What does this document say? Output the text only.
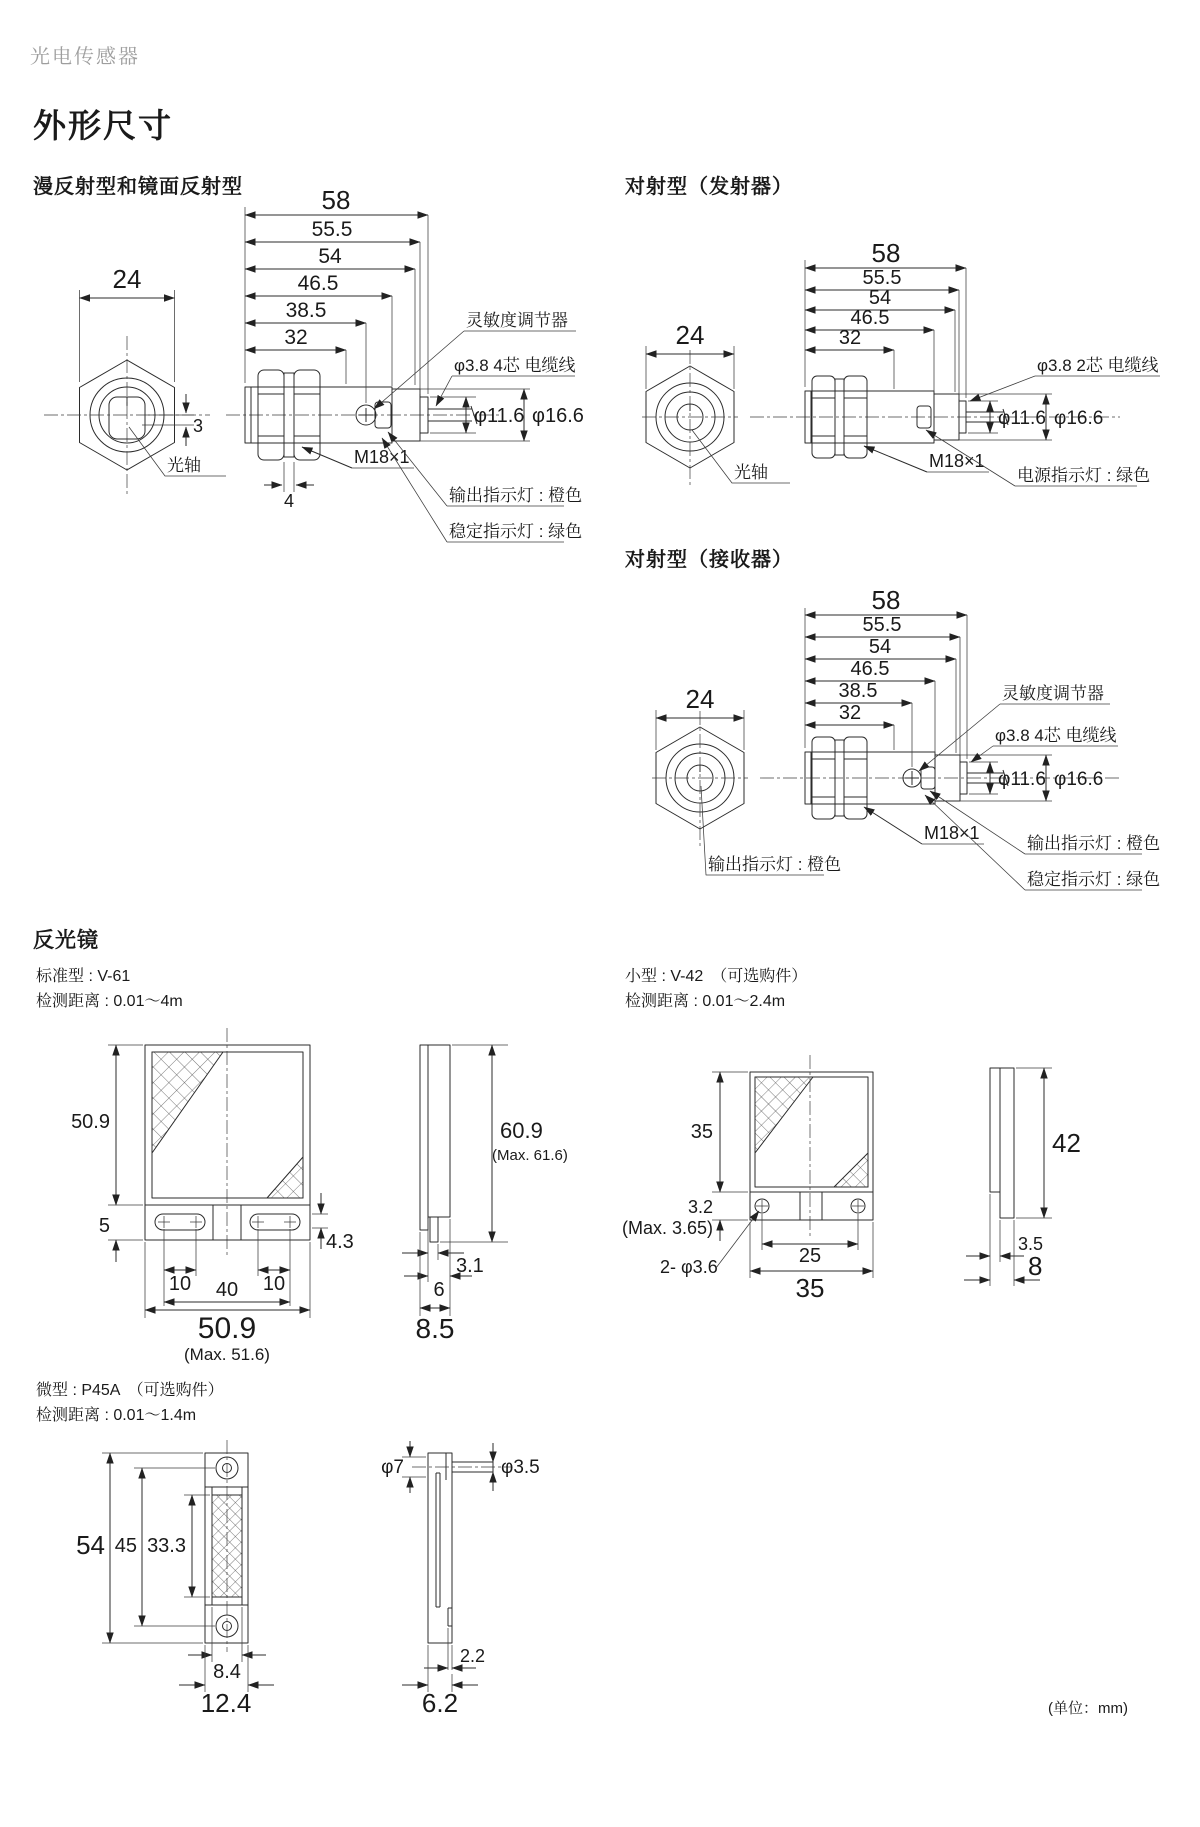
光电传感器
外形尺寸
漫反射型和镜面反射型	对射型（发射器）
对射型（接收器）
24
3
光轴
φ11.6 φ16.6
58
55.5
54
46.5
38.5
32
M18×1
4
灵敏度调节器
φ3.8 4芯 电缆线
输出指示灯 : 橙色
稳定指示灯 : 绿色
24
光轴
φ11.6 φ16.6
58
55.5
54
46.5
32
φ3.8 2芯 电缆线
M18×1
电源指示灯 : 绿色
24
输出指示灯 : 橙色
φ11.6 φ16.6
58
55.5
54
46.5
38.5
32
灵敏度调节器
φ3.8 4芯 电缆线
M18×1
输出指示灯 : 橙色
稳定指示灯 : 绿色
反光镜
标准型 : V-61
检测距离 : 0.01～4m
小型 : V-42　（可选购件）
检测距离 : 0.01～2.4m
50.9
5
4.3
10	10
40
50.9
(Max. 51.6)
60.9
(Max. 61.6)
3.1
6
8.5
35
3.2
(Max. 3.65)
2- φ3.6	25
35
42
3.5
8
微型 : P45A　（可选购件）
检测距离 : 0.01～1.4m
54 45 33.3
8.4
12.4
φ7	φ3.5
2.2
6.2	(单位：mm)
